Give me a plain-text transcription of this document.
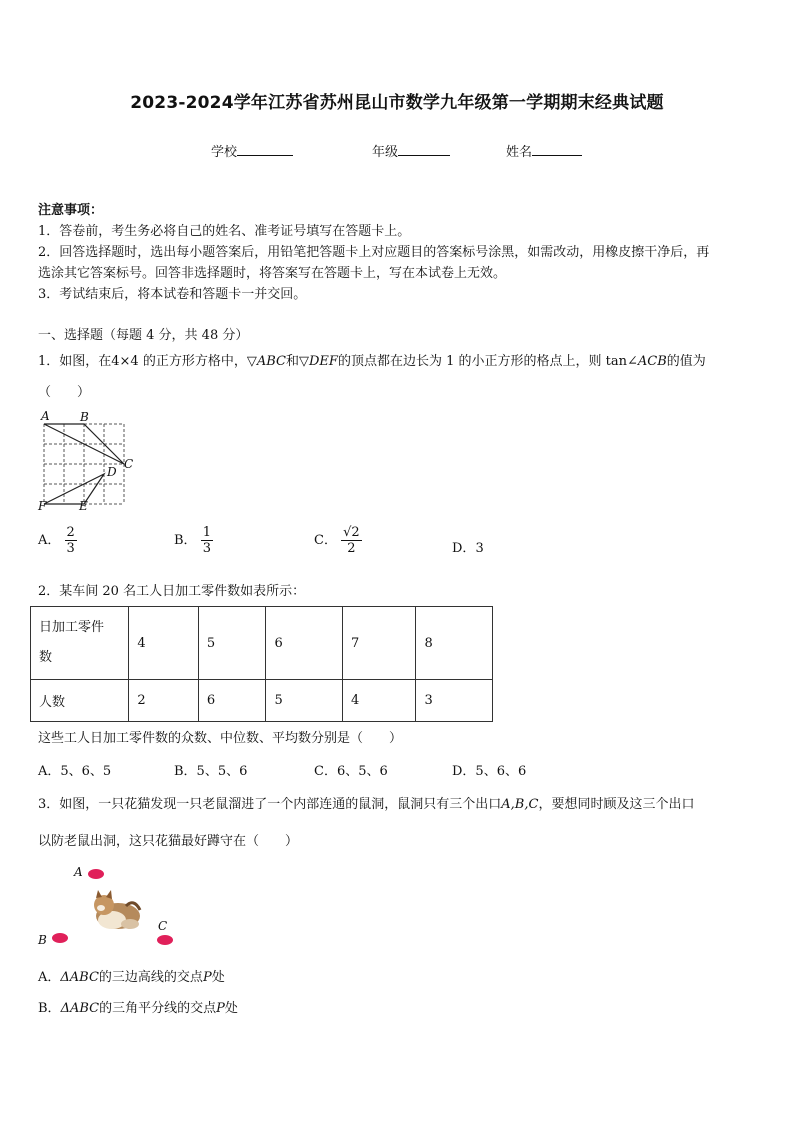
2023-2024学年江苏省苏州昆山市数学九年级第一学期期末经典试题
学校	年级	姓名
注意事项：
1．答卷前，考生务必将自己的姓名、准考证号填写在答题卡上。
2．回答选择题时，选出每小题答案后，用铅笔把答题卡上对应题目的答案标号涂黑，如需改动，用橡皮擦干净后，再
选涂其它答案标号。回答非选择题时，将答案写在答题卡上，写在本试卷上无效。
3．考试结束后，将本试卷和答题卡一并交回。
一、选择题（每题 4 分，共 48 分）
1．如图，在4×4 的正方形方格中，▽ABC和▽DEF的顶点都在边长为 1 的小正方形的格点上，则 tan∠ACB的值为
（　　）
A	B
C
D
E
F
A． $\frac{2}{3}$	B． $\frac{1}{3}$	C． $\frac{√2}{2}$	D．3
2．某车间 20 名工人日加工零件数如表所示：
日加工零件
数	4	5	6	7	8
人数	2	6	5	4	3
这些工人日加工零件数的众数、中位数、平均数分别是（　　）
A．5、6、5	B．5、5、6	C．6、5、6	D．5、6、6
3．如图，一只花猫发现一只老鼠溜进了一个内部连通的鼠洞，鼠洞只有三个出口A,B,C，要想同时顾及这三个出口
以防老鼠出洞，这只花猫最好蹲守在（　　）
A
B
C
A．ΔABC的三边高线的交点P处
B．ΔABC的三角平分线的交点P处
